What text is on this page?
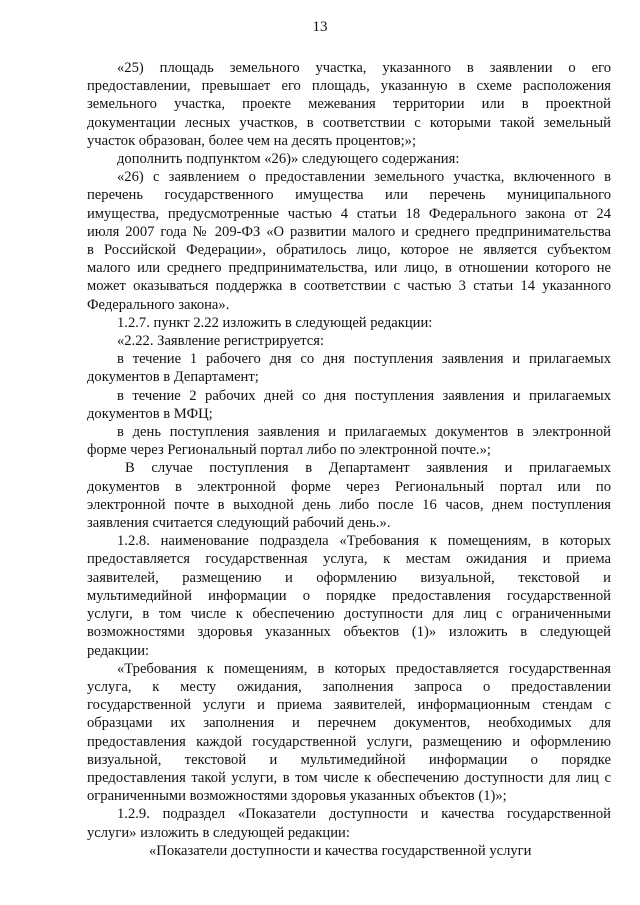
13

«25) площадь земельного участка, указанного в заявлении о его
предоставлении, превышает его площадь, указанную в схеме расположения
земельного участка, проекте межевания территории или в проектной
документации лесных участков, в соответствии с которыми такой земельный
участок образован, более чем на десять процентов;»;

дополнить подпунктом «26)» следующего содержания:

«26) с заявлением о предоставлении земельного участка, включенного в
перечень государственного имущества или перечень муниципального
имущества, предусмотренные частью 4 статьи 18 Федерального закона от 24
июля 2007 года № 209-ФЗ «О развитии малого и среднего предпринимательства
в Российской Федерации», обратилось лицо, которое не является субъектом
малого или среднего предпринимательства, или лицо, в отношении которого не
может оказываться поддержка в соответствии с частью 3 статьи 14 указанного
Федерального закона».

1.2.7. пункт 2.22 изложить в следующей редакции:

«2.22. Заявление регистрируется:

в течение 1 рабочего дня со дня поступления заявления и прилагаемых
документов в Департамент;

в течение 2 рабочих дней со дня поступления заявления и прилагаемых
документов в МФЦ;

в день поступления заявления и прилагаемых документов в электронной
форме через Региональный портал либо по электронной почте.»;

В случае поступления в Департамент заявления и прилагаемых
документов в электронной форме через Региональный портал или по
электронной почте в выходной день либо после 16 часов, днем поступления
заявления считается следующий рабочий день.».

1.2.8. наименование подраздела «Требования к помещениям, в которых
предоставляется государственная услуга, к местам ожидания и приема
заявителей, размещению и оформлению визуальной, текстовой и
мультимедийной информации о порядке предоставления государственной
услуги, в том числе к обеспечению доступности для лиц с ограниченными
возможностями здоровья указанных объектов (1)» изложить в следующей
редакции:

«Требования к помещениям, в которых предоставляется государственная
услуга, к месту ожидания, заполнения запроса о предоставлении
государственной услуги и приема заявителей, информационным стендам с
образцами их заполнения и перечнем документов, необходимых для
предоставления каждой государственной услуги, размещению и оформлению
визуальной, текстовой и мультимедийной информации о порядке
предоставления такой услуги, в том числе к обеспечению доступности для лиц с
ограниченными возможностями здоровья указанных объектов (1)»;

1.2.9. подраздел «Показатели доступности и качества государственной
услуги» изложить в следующей редакции:

«Показатели доступности и качества государственной услуги
